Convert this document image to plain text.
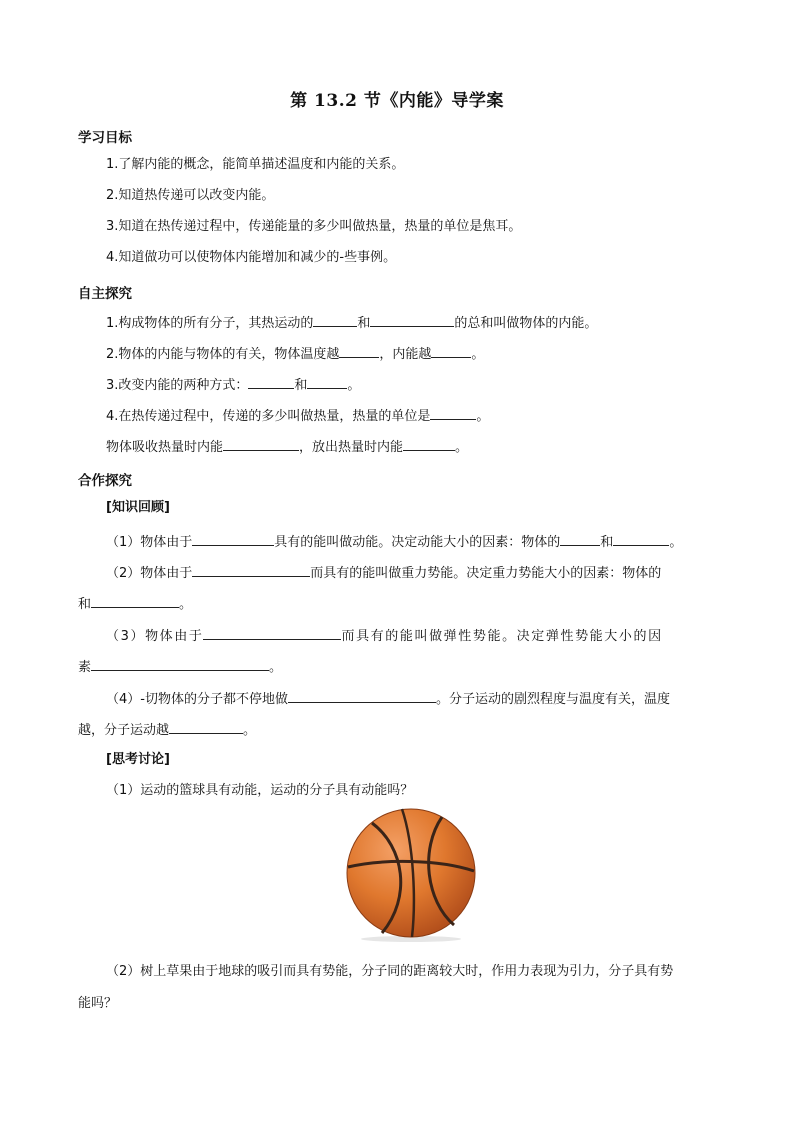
第 13.2 节《内能》导学案
学习目标
1.了解内能的概念，能简单描述温度和内能的关系。
2.知道热传递可以改变内能。
3.知道在热传递过程中，传递能量的多少叫做热量，热量的单位是焦耳。
4.知道做功可以使物体内能增加和减少的-些事例。
自主探究
1.构成物体的所有分子，其热运动的	和	的总和叫做物体的内能。
2.物体的内能与物体的有关，物体温度越	，内能越	。
3.改变内能的两种方式：	和	。
4.在热传递过程中，传递的多少叫做热量，热量的单位是	。
物体吸收热量时内能	，放出热量时内能	。
合作探究
[知识回顾]
（1）物体由于	具有的能叫做动能。决定动能大小的因素：物体的	和	。
（2）物体由于	而具有的能叫做重力势能。决定重力势能大小的因素：物体的
和	。
（3）物体由于	而具有的能叫做弹性势能。决定弹性势能大小的因
素	。
（4）-切物体的分子都不停地做	。分子运动的剧烈程度与温度有关，温度
越，分子运动越	。
[思考讨论]
（1）运动的篮球具有动能，运动的分子具有动能吗？
（2）树上草果由于地球的吸引而具有势能，分子同的距离较大时，作用力表现为引力，分子具有势
能吗？
